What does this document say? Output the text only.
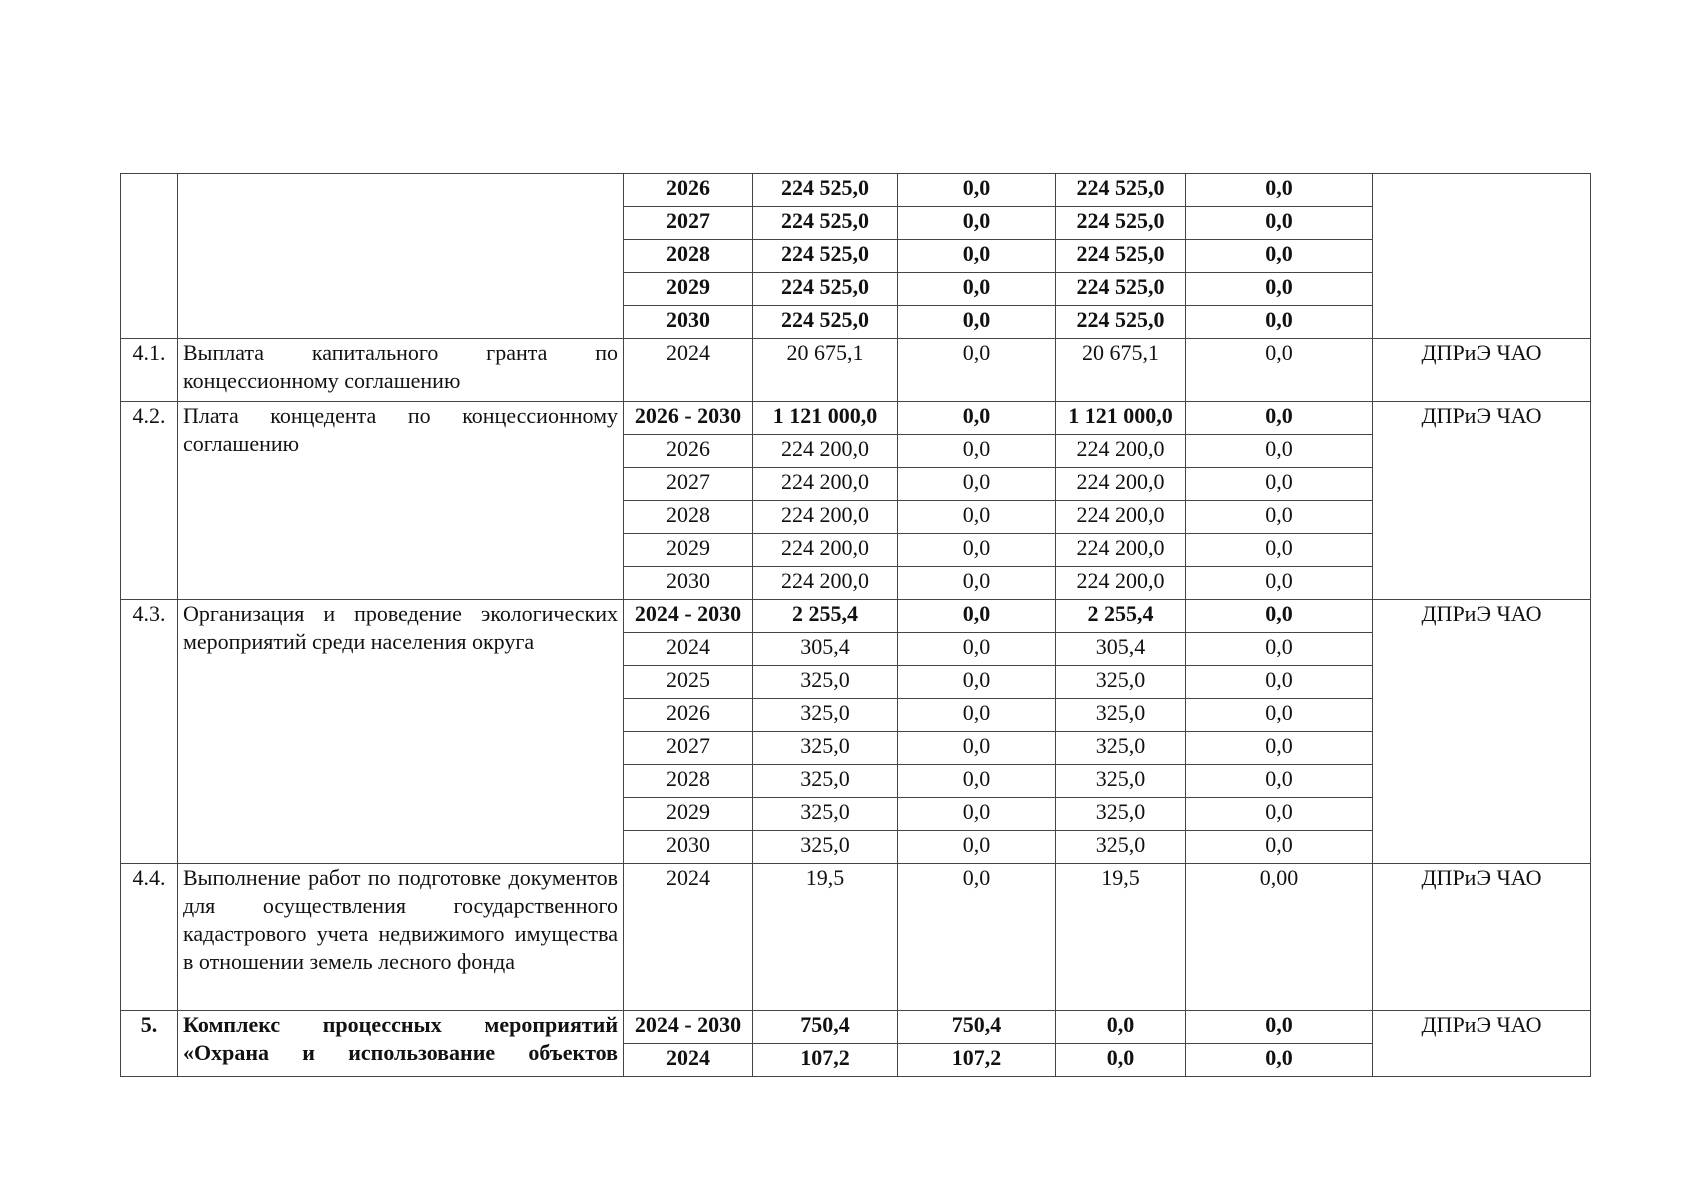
		2026	224 525,0	0,0	224 525,0	0,0	
		2027	224 525,0	0,0	224 525,0	0,0	
		2028	224 525,0	0,0	224 525,0	0,0	
		2029	224 525,0	0,0	224 525,0	0,0	
		2030	224 525,0	0,0	224 525,0	0,0	
4.1.	Выплата капитального гранта по концессионному соглашению	2024	20 675,1	0,0	20 675,1	0,0	ДПРиЭ ЧАО
4.2.	Плата концедента по концессионному соглашению	2026 - 2030	1 121 000,0	0,0	1 121 000,0	0,0	ДПРиЭ ЧАО
		2026	224 200,0	0,0	224 200,0	0,0	
		2027	224 200,0	0,0	224 200,0	0,0	
		2028	224 200,0	0,0	224 200,0	0,0	
		2029	224 200,0	0,0	224 200,0	0,0	
		2030	224 200,0	0,0	224 200,0	0,0	
4.3.	Организация и проведение экологических мероприятий среди населения округа	2024 - 2030	2 255,4	0,0	2 255,4	0,0	ДПРиЭ ЧАО
		2024	305,4	0,0	305,4	0,0	
		2025	325,0	0,0	325,0	0,0	
		2026	325,0	0,0	325,0	0,0	
		2027	325,0	0,0	325,0	0,0	
		2028	325,0	0,0	325,0	0,0	
		2029	325,0	0,0	325,0	0,0	
		2030	325,0	0,0	325,0	0,0	
4.4.	Выполнение работ по подготовке документов для осуществления государственного кадастрового учета недвижимого имущества в отношении земель лесного фонда	2024	19,5	0,0	19,5	0,00	ДПРиЭ ЧАО
5.	Комплекс процессных мероприятий «Охрана и использование объектов	2024 - 2030	750,4	750,4	0,0	0,0	ДПРиЭ ЧАО
		2024	107,2	107,2	0,0	0,0	
